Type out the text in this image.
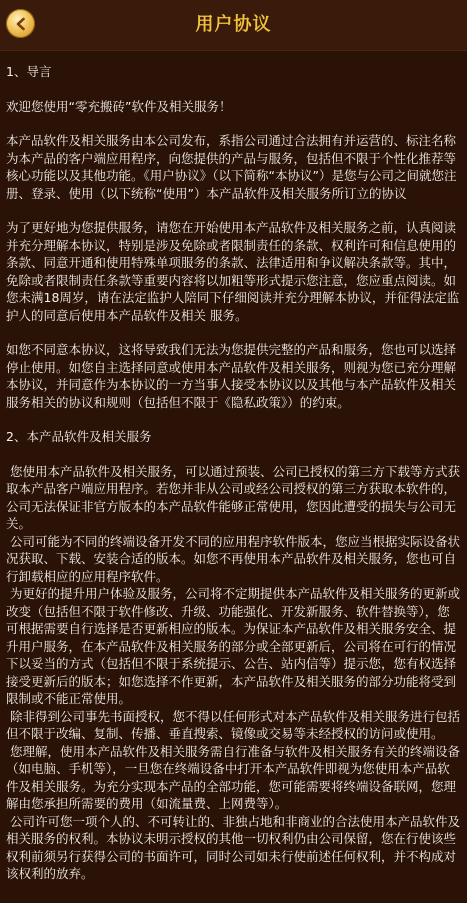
用户协议

1、导言

欢迎您使用“零充搬砖”软件及相关服务！

本产品软件及相关服务由本公司发布，系指公司通过合法拥有并运营的、标注名称为本产品的客户端应用程序，向您提供的产品与服务，包括但不限于个性化推荐等核心功能以及其他功能。《用户协议》（以下简称“本协议”）是您与公司之间就您注册、登录、使用（以下统称“使用”）本产品软件及相关服务所订立的协议

为了更好地为您提供服务，请您在开始使用本产品软件及相关服务之前，认真阅读并充分理解本协议，特别是涉及免除或者限制责任的条款、权利许可和信息使用的条款、同意开通和使用特殊单项服务的条款、法律适用和争议解决条款等。其中，免除或者限制责任条款等重要内容将以加粗等形式提示您注意，您应重点阅读。如您未满18周岁，请在法定监护人陪同下仔细阅读并充分理解本协议，并征得法定监护人的同意后使用本产品软件及相关 服务。

如您不同意本协议，这将导致我们无法为您提供完整的产品和服务，您也可以选择停止使用。如您自主选择同意或使用本产品软件及相关服务，则视为您已充分理解本协议，并同意作为本协议的一方当事人接受本协议以及其他与本产品软件及相关服务相关的协议和规则（包括但不限于《隐私政策》）的约束。

2、本产品软件及相关服务

您使用本产品软件及相关服务，可以通过预装、公司已授权的第三方下载等方式获取本产品客户端应用程序。若您并非从公司或经公司授权的第三方获取本软件的，公司无法保证非官方版本的本产品软件能够正常使用，您因此遭受的损失与公司无关。

公司可能为不同的终端设备开发不同的应用程序软件版本，您应当根据实际设备状况获取、下载、安装合适的版本。如您不再使用本产品软件及相关服务，您也可自行卸载相应的应用程序软件。

为更好的提升用户体验及服务，公司将不定期提供本产品软件及相关服务的更新或改变（包括但不限于软件修改、升级、功能强化、开发新服务、软件替换等），您可根据需要自行选择是否更新相应的版本。为保证本产品软件及相关服务安全、提升用户服务，在本产品软件及相关服务的部分或全部更新后，公司将在可行的情况下以妥当的方式（包括但不限于系统提示、公告、站内信等）提示您，您有权选择接受更新后的版本；如您选择不作更新，本产品软件及相关服务的部分功能将受到限制或不能正常使用。

除非得到公司事先书面授权，您不得以任何形式对本产品软件及相关服务进行包括但不限于改编、复制、传播、垂直搜索、镜像或交易等未经授权的访问或使用。

您理解，使用本产品软件及相关服务需自行准备与软件及相关服务有关的终端设备（如电脑、手机等），一旦您在终端设备中打开本产品软件即视为您使用本产品软件及相关服务。为充分实现本产品的全部功能，您可能需要将终端设备联网，您理解由您承担所需要的费用（如流量费、上网费等）。

公司许可您一项个人的、不可转让的、非独占地和非商业的合法使用本产品软件及相关服务的权利。本协议未明示授权的其他一切权利仍由公司保留，您在行使该些权利前须另行获得公司的书面许可，同时公司如未行使前述任何权利，并不构成对该权利的放弃。
